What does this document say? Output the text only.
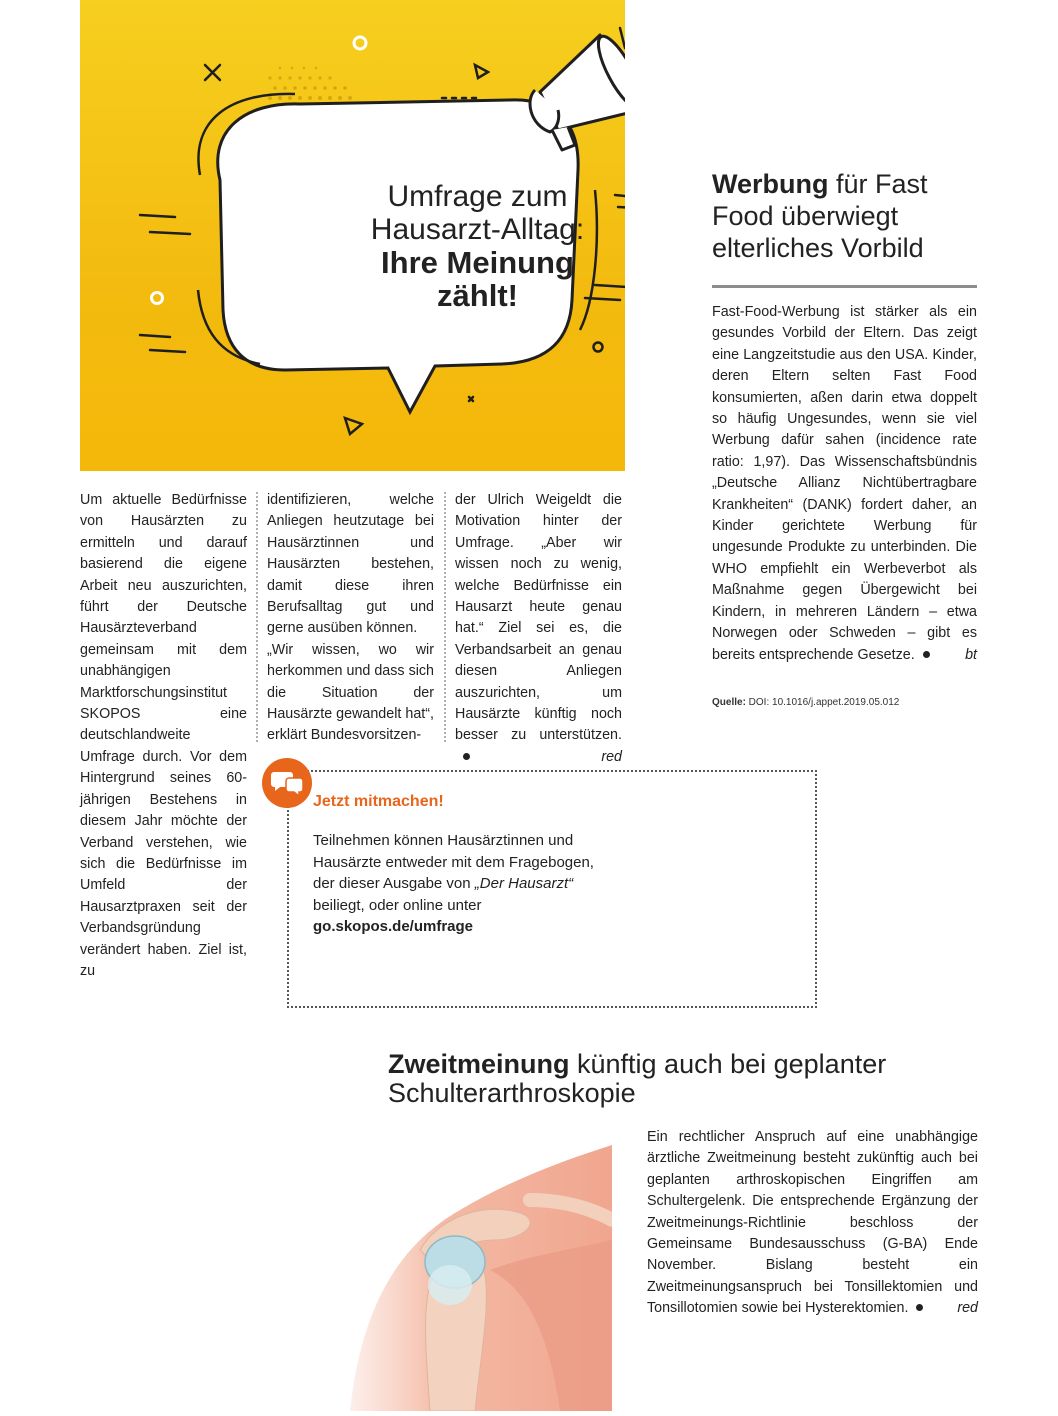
Umfrage zum
Hausarzt-Alltag:
Ihre Meinung
zählt!

Um aktuelle Bedürfnisse von Hausärzten zu ermitteln und darauf basierend die eigene Arbeit neu auszurichten, führt der Deutsche Hausärzteverband gemeinsam mit dem unabhängigen Marktforschungsinstitut SKOPOS eine deutschlandweite Umfrage durch. Vor dem Hintergrund seines 60-jährigen Bestehens in diesem Jahr möchte der Verband verstehen, wie sich die Bedürfnisse im Umfeld der Hausarztpraxen seit der Verbandsgründung verändert haben. Ziel ist, zu

identifizieren, welche Anliegen heutzutage bei Hausärztinnen und Hausärzten bestehen, damit diese ihren Berufsalltag gut und gerne ausüben können.

„Wir wissen, wo wir herkommen und dass sich die Situation der Hausärzte gewandelt hat“, erklärt Bundesvorsitzen-

der Ulrich Weigeldt die Motivation hinter der Umfrage. „Aber wir wissen noch zu wenig, welche Bedürfnisse ein Hausarzt heute genau hat.“ Ziel sei es, die Verbandsarbeit an genau diesen Anliegen auszurichten, um Hausärzte künftig noch besser zu unterstützen.
red

Werbung für Fast Food überwiegt elterliches Vorbild

Fast-Food-Werbung ist stärker als ein gesundes Vorbild der Eltern. Das zeigt eine Langzeitstudie aus den USA. Kinder, deren Eltern selten Fast Food konsumierten, aßen darin etwa doppelt so häufig Ungesundes, wenn sie viel Werbung dafür sahen (incidence rate ratio: 1,97). Das Wissenschaftsbündnis „Deutsche Allianz Nichtübertragbare Krankheiten“ (DANK) fordert daher, an Kinder gerichtete Werbung für ungesunde Produkte zu unterbinden. Die WHO empfiehlt ein Werbeverbot als Maßnahme gegen Übergewicht bei Kindern, in mehreren Ländern – etwa Norwegen oder Schweden – gibt es bereits entsprechende Gesetze.	bt

Quelle: DOI: 10.1016/j.appet.2019.05.012
Jetzt mitmachen!
Teilnehmen können Hausärztinnen und Hausärzte entweder mit dem Fragebogen, der dieser Ausgabe von „Der Hausarzt“ beiliegt, oder online unter go.skopos.de/umfrage
Zweitmeinung künftig auch bei geplanter Schulterarthroskopie

Ein rechtlicher Anspruch auf eine unabhängige ärztliche Zweitmeinung besteht zukünftig auch bei geplanten arthroskopischen Eingriffen am Schultergelenk. Die entsprechende Ergänzung der Zweitmeinungs-Richtlinie beschloss der Gemeinsame Bundesausschuss (G-BA) Ende November. Bislang besteht ein Zweitmeinungsanspruch bei Tonsillektomien und Tonsillotomien sowie bei Hysterektomien.	red
